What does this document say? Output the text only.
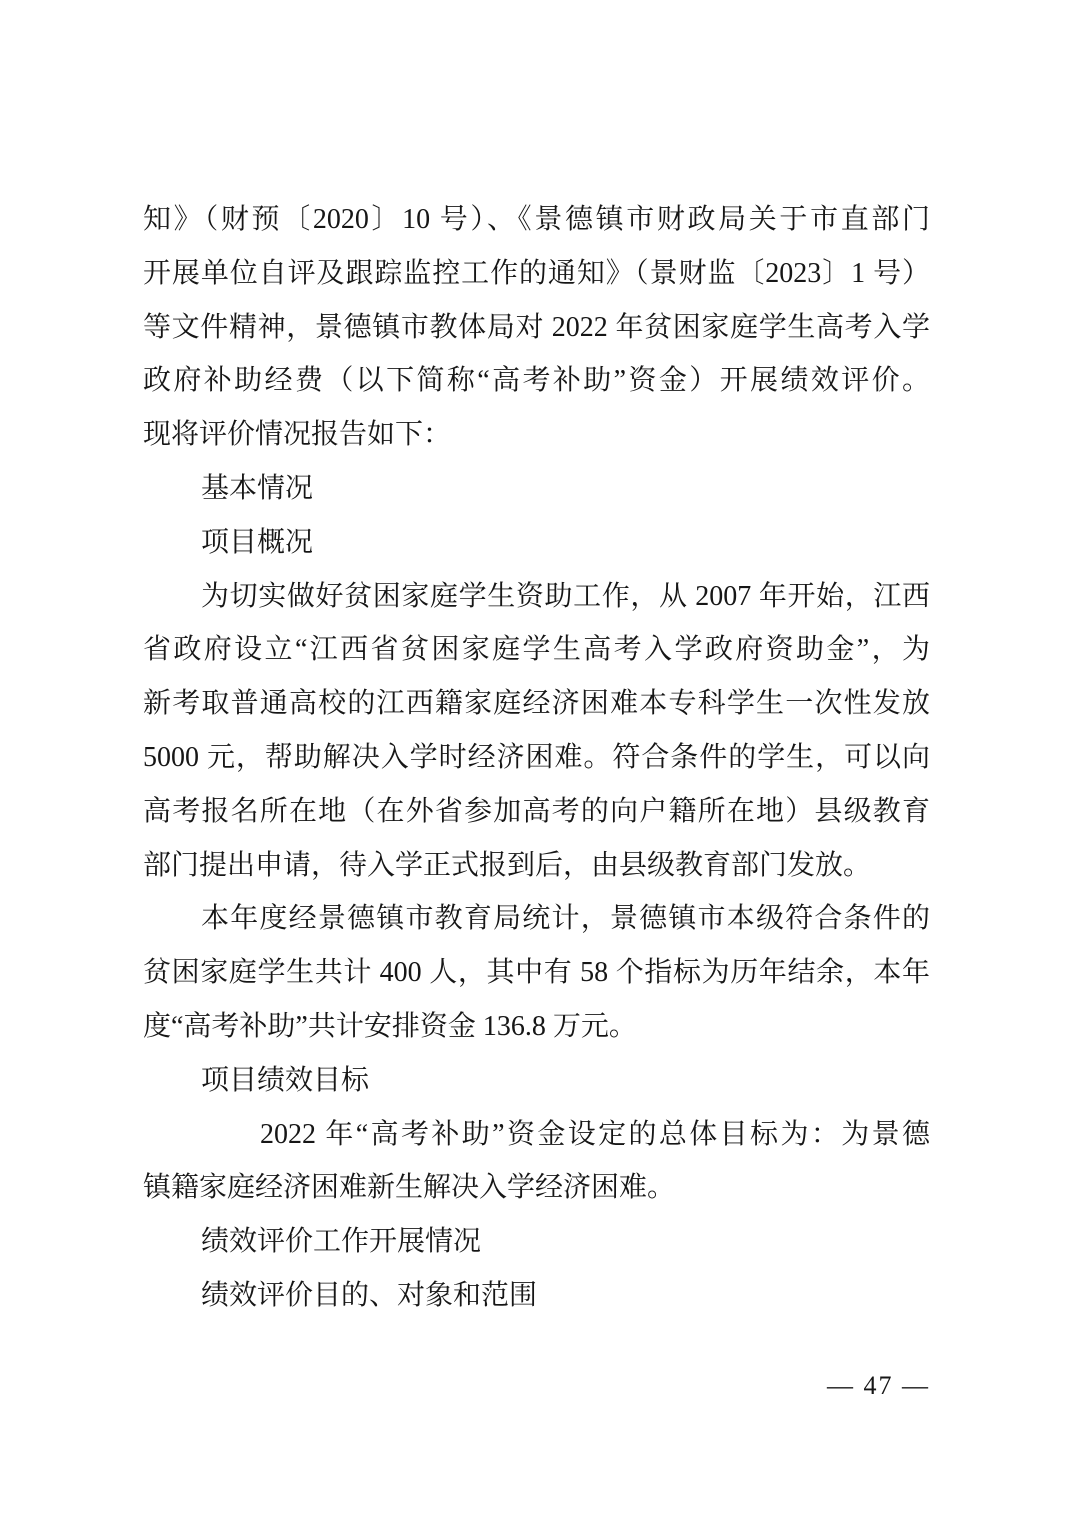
知》（财预〔2020〕10 号）、《景德镇市财政局关于市直部门
开展单位自评及跟踪监控工作的通知》（景财监〔2023〕1 号）
等文件精神，景德镇市教体局对 2022 年贫困家庭学生高考入学
政府补助经费（以下简称“高考补助”资金）开展绩效评价。
现将评价情况报告如下：
基本情况
项目概况
为切实做好贫困家庭学生资助工作，从 2007 年开始，江西
省政府设立“江西省贫困家庭学生高考入学政府资助金”，为
新考取普通高校的江西籍家庭经济困难本专科学生一次性发放
5000 元，帮助解决入学时经济困难。符合条件的学生，可以向
高考报名所在地（在外省参加高考的向户籍所在地）县级教育
部门提出申请，待入学正式报到后，由县级教育部门发放。
本年度经景德镇市教育局统计，景德镇市本级符合条件的
贫困家庭学生共计 400 人，其中有 58 个指标为历年结余，本年
度“高考补助”共计安排资金 136.8 万元。
项目绩效目标
2022 年“高考补助”资金设定的总体目标为：为景德
镇籍家庭经济困难新生解决入学经济困难。
绩效评价工作开展情况
绩效评价目的、对象和范围
— 47 —
